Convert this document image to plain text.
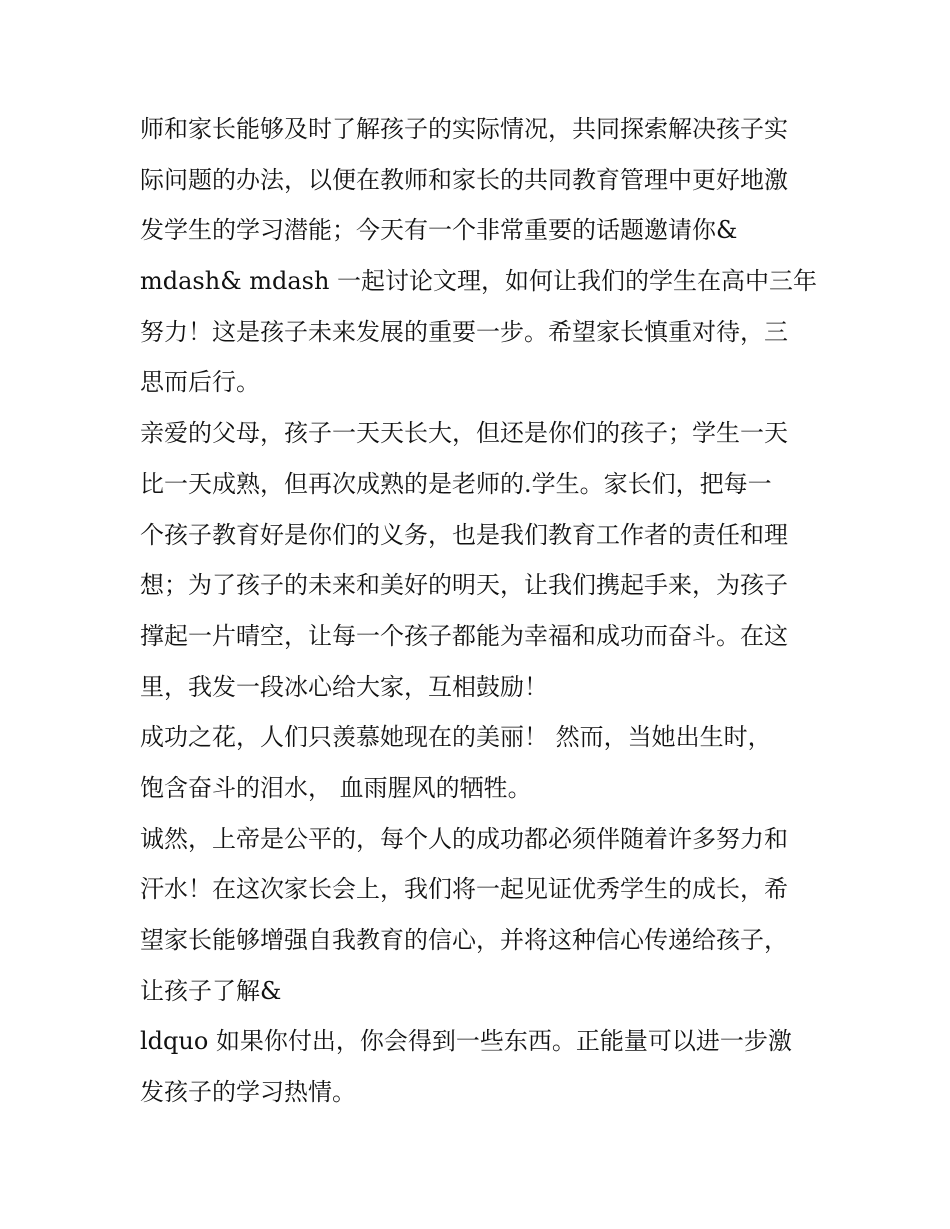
师和家长能够及时了解孩子的实际情况，共同探索解决孩子实
际问题的办法，以便在教师和家长的共同教育管理中更好地激
发学生的学习潜能；今天有一个非常重要的话题邀请你&
mdash& mdash 一起讨论文理，如何让我们的学生在高中三年
努力！这是孩子未来发展的重要一步。希望家长慎重对待，三
思而后行。
亲爱的父母，孩子一天天长大，但还是你们的孩子；学生一天
比一天成熟，但再次成熟的是老师的.学生。家长们，把每一
个孩子教育好是你们的义务，也是我们教育工作者的责任和理
想；为了孩子的未来和美好的明天，让我们携起手来，为孩子
撑起一片晴空，让每一个孩子都能为幸福和成功而奋斗。在这
里，我发一段冰心给大家，互相鼓励！
成功之花，人们只羡慕她现在的美丽！ 然而，当她出生时，
饱含奋斗的泪水， 血雨腥风的牺牲。
诚然，上帝是公平的，每个人的成功都必须伴随着许多努力和
汗水！在这次家长会上，我们将一起见证优秀学生的成长，希
望家长能够增强自我教育的信心，并将这种信心传递给孩子，
让孩子了解&
ldquo 如果你付出，你会得到一些东西。正能量可以进一步激
发孩子的学习热情。
